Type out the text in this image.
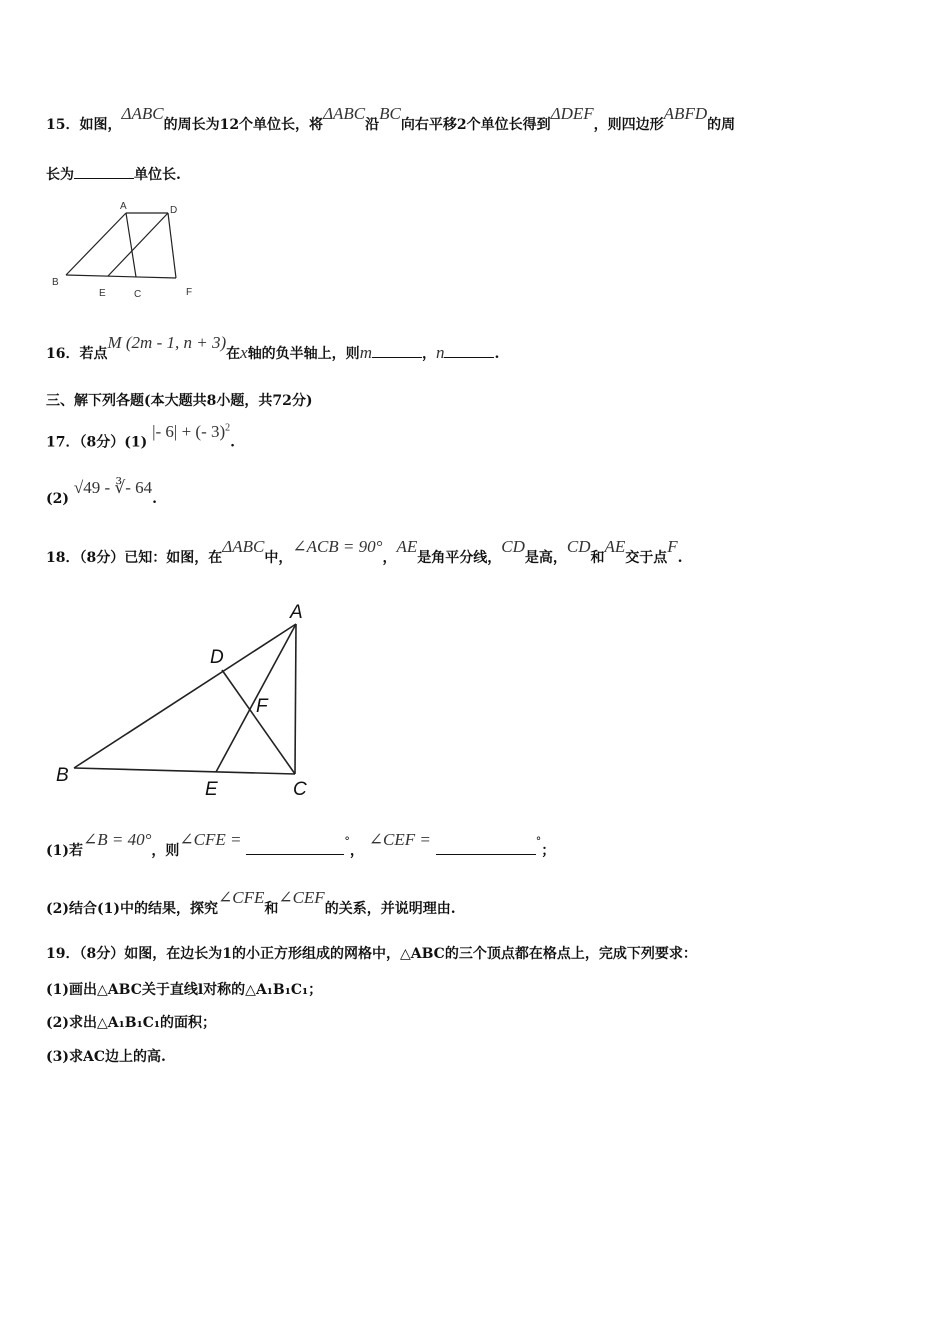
15．如图，ΔABC的周长为12个单位长，将ΔABC沿BC向右平移2个单位长得到ΔDEF，则四边形ABFD的周
长为	单位长.
A	D
B
E	C	F
16．若点M (2m - 1, n + 3)在x轴的负半轴上，则m	，n	.
三、解下列各题(本大题共8小题，共72分)
17．（8分）(1) |- 6| + (- 3)$^2$.
(2) √49 - ∛- 64.
18．（8分）已知：如图，在ΔABC中，∠ACB = 90°，AE是角平分线，CD是高，CD和AE交于点F.
A
D
F
B
E	C
(1)若∠B = 40°，则∠CFE =	°， ∠CEF =	°；
(2)结合(1)中的结果，探究∠CFE和∠CEF的关系，并说明理由.
19．（8分）如图，在边长为1的小正方形组成的网格中，△ABC的三个顶点都在格点上，完成下列要求：
(1)画出△ABC关于直线l对称的△A₁B₁C₁；
(2)求出△A₁B₁C₁的面积；
(3)求AC边上的高.
